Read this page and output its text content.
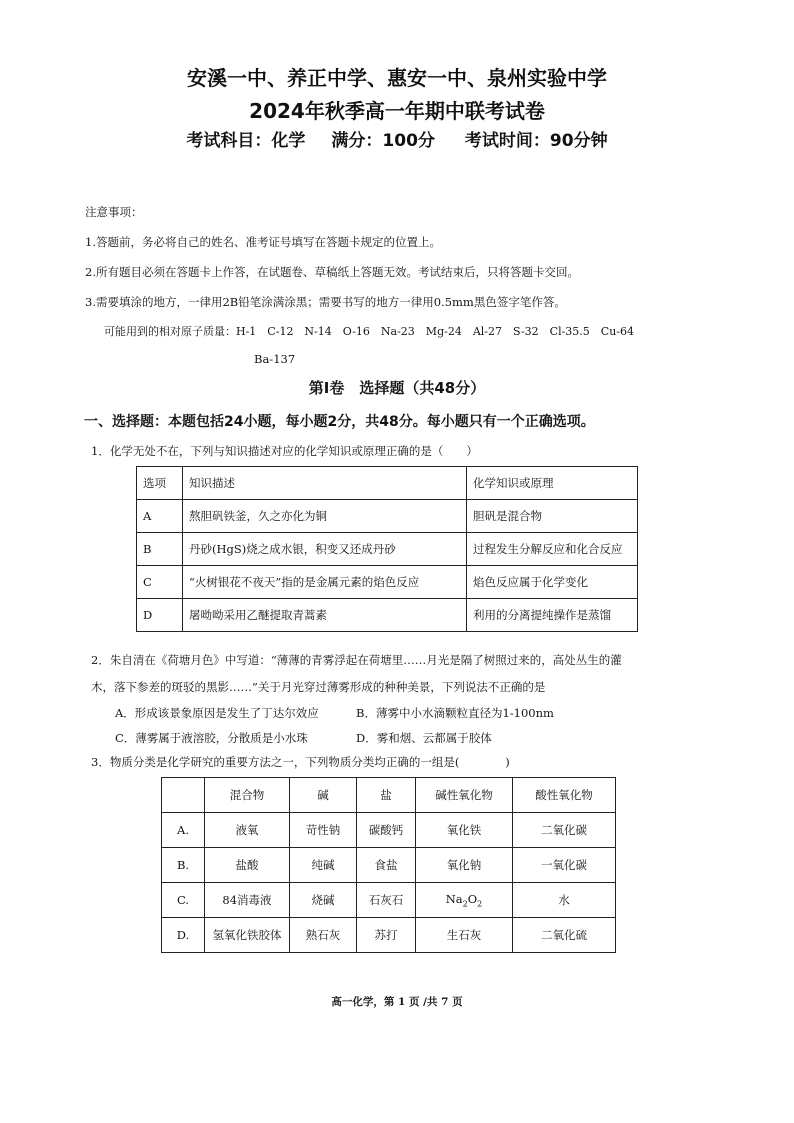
安溪一中、养正中学、惠安一中、泉州实验中学
2024年秋季高一年期中联考试卷
考试科目：化学 满分：100分 考试时间：90分钟
注意事项：
1.答题前，务必将自己的姓名、准考证号填写在答题卡规定的位置上。
2.所有题目必须在答题卡上作答，在试题卷、草稿纸上答题无效。考试结束后，只将答题卡交回。
3.需要填涂的地方，一律用2B铅笔涂满涂黑；需要书写的地方一律用0.5mm黑色签字笔作答。
可能用到的相对原子质量：H-1　C-12　N-14　O-16　Na-23　Mg-24　Al-27　S-32　Cl-35.5　Cu-64
Ba-137
第Ⅰ卷　选择题（共48分）
一、选择题：本题包括24小题，每小题2分，共48分。每小题只有一个正确选项。
1．化学无处不在，下列与知识描述对应的化学知识或原理正确的是（　　）
选项	知识描述	化学知识或原理
A	熬胆矾铁釜，久之亦化为铜	胆矾是混合物
B	丹砂(HgS)烧之成水银，积变又还成丹砂	过程发生分解反应和化合反应
C	“火树银花不夜天”指的是金属元素的焰色反应	焰色反应属于化学变化
D	屠呦呦采用乙醚提取青蒿素	利用的分离提纯操作是蒸馏
2．朱自清在《荷塘月色》中写道：“薄薄的青雾浮起在荷塘里……月光是隔了树照过来的，高处丛生的灌
木，落下参差的斑驳的黑影……”关于月光穿过薄雾形成的种种美景，下列说法不正确的是
A．形成该景象原因是发生了丁达尔效应	B．薄雾中小水滴颗粒直径为1-100nm
C．薄雾属于液溶胶，分散质是小水珠	D．雾和烟、云都属于胶体
3．物质分类是化学研究的重要方法之一，下列物质分类均正确的一组是(　　　　)
	混合物	碱	盐	碱性氧化物	酸性氧化物
A.	液氧	苛性钠	碳酸钙	氧化铁	二氧化碳
B.	盐酸	纯碱	食盐	氧化钠	一氧化碳
C.	84消毒液	烧碱	石灰石	$Na_2O_2$	水
D.	氢氧化铁胶体	熟石灰	苏打	生石灰	二氧化硫
高一化学，第 1 页 /共 7 页
